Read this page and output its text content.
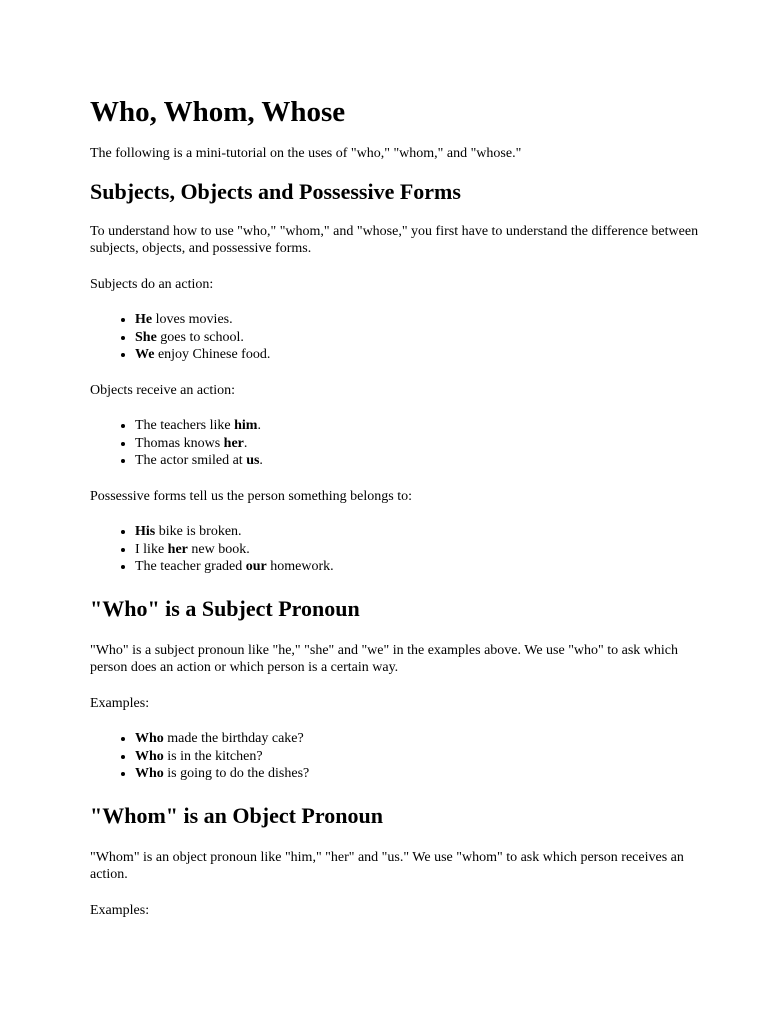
Who, Whom, Whose

The following is a mini-tutorial on the uses of "who," "whom," and "whose."

Subjects, Objects and Possessive Forms

To understand how to use "who," "whom," and "whose," you first have to understand the difference between subjects, objects, and possessive forms.

Subjects do an action:

• He loves movies.
• She goes to school.
• We enjoy Chinese food.

Objects receive an action:

• The teachers like him.
• Thomas knows her.
• The actor smiled at us.

Possessive forms tell us the person something belongs to:

• His bike is broken.
• I like her new book.
• The teacher graded our homework.
"Who" is a Subject Pronoun

"Who" is a subject pronoun like "he," "she" and "we" in the examples above. We use "who" to ask which person does an action or which person is a certain way.

Examples:

• Who made the birthday cake?
• Who is in the kitchen?
• Who is going to do the dishes?
"Whom" is an Object Pronoun

"Whom" is an object pronoun like "him," "her" and "us." We use "whom" to ask which person receives an action.

Examples:
